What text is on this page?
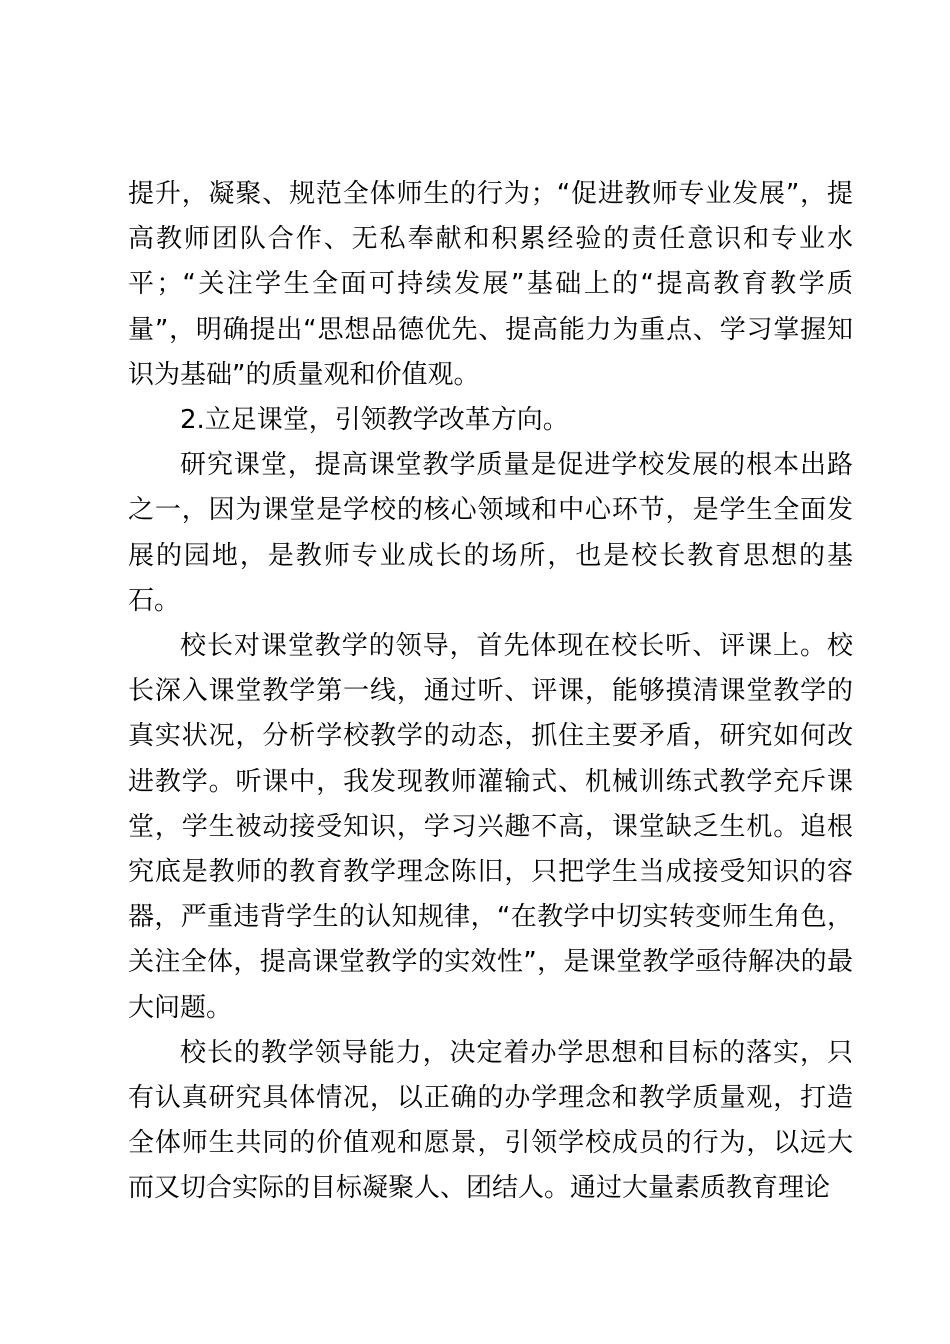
提升，凝聚、规范全体师生的行为；“促进教师专业发展”，提高教师团队合作、无私奉献和积累经验的责任意识和专业水平；“关注学生全面可持续发展”基础上的“提高教育教学质量”，明确提出“思想品德优先、提高能力为重点、学习掌握知识为基础”的质量观和价值观。

2.立足课堂，引领教学改革方向。

研究课堂，提高课堂教学质量是促进学校发展的根本出路之一，因为课堂是学校的核心领域和中心环节，是学生全面发展的园地，是教师专业成长的场所，也是校长教育思想的基石。

校长对课堂教学的领导，首先体现在校长听、评课上。校长深入课堂教学第一线，通过听、评课，能够摸清课堂教学的真实状况，分析学校教学的动态，抓住主要矛盾，研究如何改进教学。听课中，我发现教师灌输式、机械训练式教学充斥课堂，学生被动接受知识，学习兴趣不高，课堂缺乏生机。追根究底是教师的教育教学理念陈旧，只把学生当成接受知识的容器，严重违背学生的认知规律，“在教学中切实转变师生角色，关注全体，提高课堂教学的实效性”，是课堂教学亟待解决的最大问题。

校长的教学领导能力，决定着办学思想和目标的落实，只有认真研究具体情况，以正确的办学理念和教学质量观，打造全体师生共同的价值观和愿景，引领学校成员的行为，以远大而又切合实际的目标凝聚人、团结人。通过大量素质教育理论
